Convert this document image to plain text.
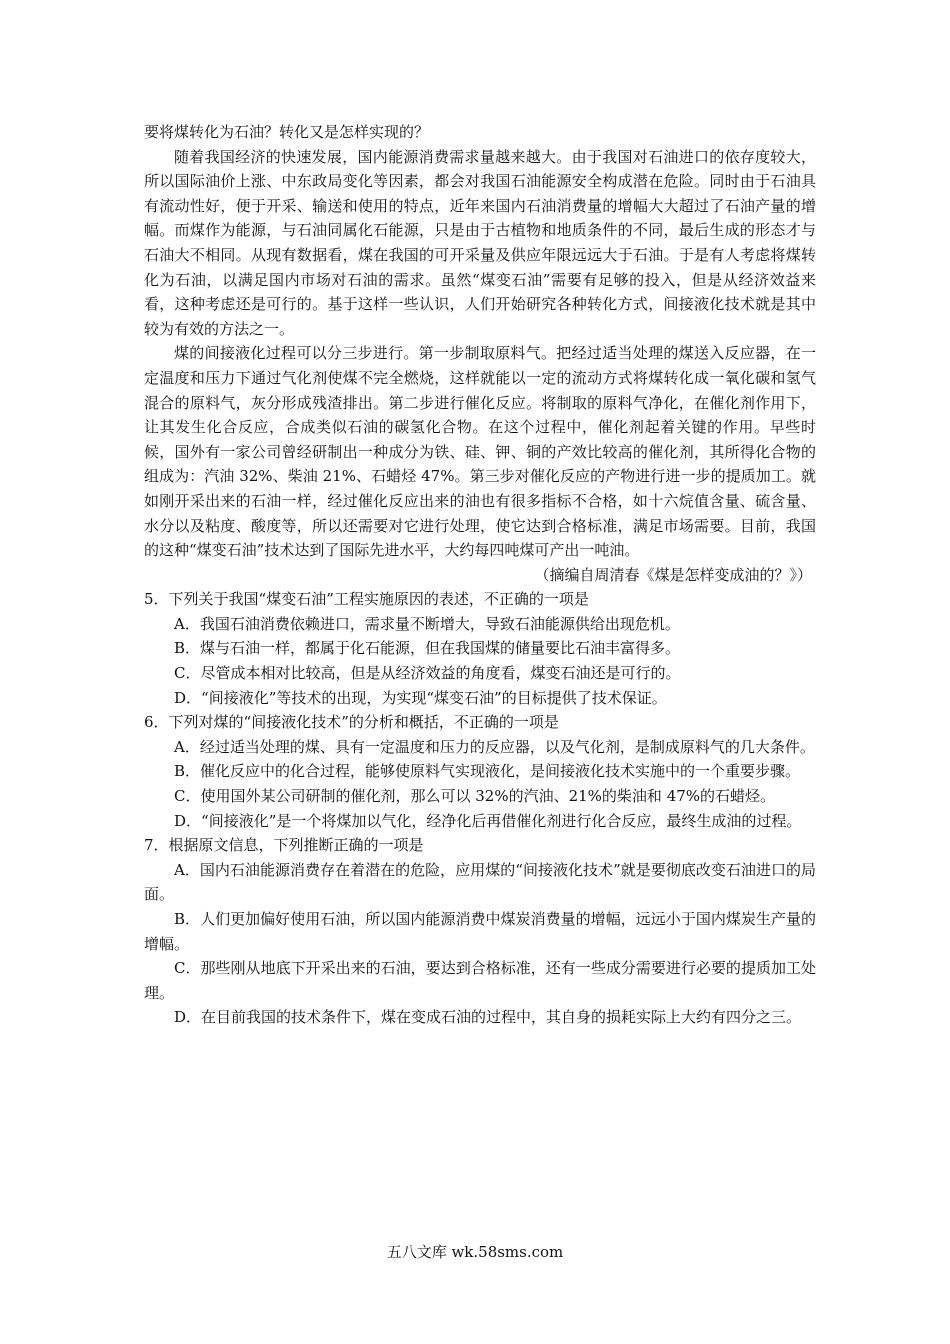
要将煤转化为石油？转化又是怎样实现的？
随着我国经济的快速发展，国内能源消费需求量越来越大。由于我国对石油进口的依存度较大，所以国际油价上涨、中东政局变化等因素，都会对我国石油能源安全构成潜在危险。同时由于石油具有流动性好，便于开采、输送和使用的特点，近年来国内石油消费量的增幅大大超过了石油产量的增幅。而煤作为能源，与石油同属化石能源，只是由于古植物和地质条件的不同，最后生成的形态才与石油大不相同。从现有数据看，煤在我国的可开采量及供应年限远远大于石油。于是有人考虑将煤转化为石油，以满足国内市场对石油的需求。虽然“煤变石油”需要有足够的投入，但是从经济效益来看，这种考虑还是可行的。基于这样一些认识，人们开始研究各种转化方式，间接液化技术就是其中较为有效的方法之一。
煤的间接液化过程可以分三步进行。第一步制取原料气。把经过适当处理的煤送入反应器，在一定温度和压力下通过气化剂使煤不完全燃烧，这样就能以一定的流动方式将煤转化成一氧化碳和氢气混合的原料气，灰分形成残渣排出。第二步进行催化反应。将制取的原料气净化，在催化剂作用下，让其发生化合反应，合成类似石油的碳氢化合物。在这个过程中，催化剂起着关键的作用。早些时候，国外有一家公司曾经研制出一种成分为铁、硅、钾、铜的产效比较高的催化剂，其所得化合物的组成为：汽油 32%、柴油 21%、石蜡烃 47%。第三步对催化反应的产物进行进一步的提质加工。就如刚开采出来的石油一样，经过催化反应出来的油也有很多指标不合格，如十六烷值含量、硫含量、水分以及粘度、酸度等，所以还需要对它进行处理，使它达到合格标准，满足市场需要。目前，我国的这种“煤变石油”技术达到了国际先进水平，大约每四吨煤可产出一吨油。
（摘编自周清春《煤是怎样变成油的？》）
5．下列关于我国“煤变石油”工程实施原因的表述，不正确的一项是
A．我国石油消费依赖进口，需求量不断增大，导致石油能源供给出现危机。
B．煤与石油一样，都属于化石能源，但在我国煤的储量要比石油丰富得多。
C．尽管成本相对比较高，但是从经济效益的角度看，煤变石油还是可行的。
D．“间接液化”等技术的出现，为实现“煤变石油”的目标提供了技术保证。
6．下列对煤的“间接液化技术”的分析和概括，不正确的一项是
A．经过适当处理的煤、具有一定温度和压力的反应器，以及气化剂，是制成原料气的几大条件。
B．催化反应中的化合过程，能够使原料气实现液化，是间接液化技术实施中的一个重要步骤。
C．使用国外某公司研制的催化剂，那么可以 32%的汽油、21%的柴油和 47%的石蜡烃。
D．“间接液化”是一个将煤加以气化，经净化后再借催化剂进行化合反应，最终生成油的过程。
7．根据原文信息，下列推断正确的一项是
A．国内石油能源消费存在着潜在的危险，应用煤的“间接液化技术”就是要彻底改变石油进口的局面。
B．人们更加偏好使用石油，所以国内能源消费中煤炭消费量的增幅，远远小于国内煤炭生产量的增幅。
C．那些刚从地底下开采出来的石油，要达到合格标准，还有一些成分需要进行必要的提质加工处理。
D．在目前我国的技术条件下，煤在变成石油的过程中，其自身的损耗实际上大约有四分之三。
五八文库 wk.58sms.com
